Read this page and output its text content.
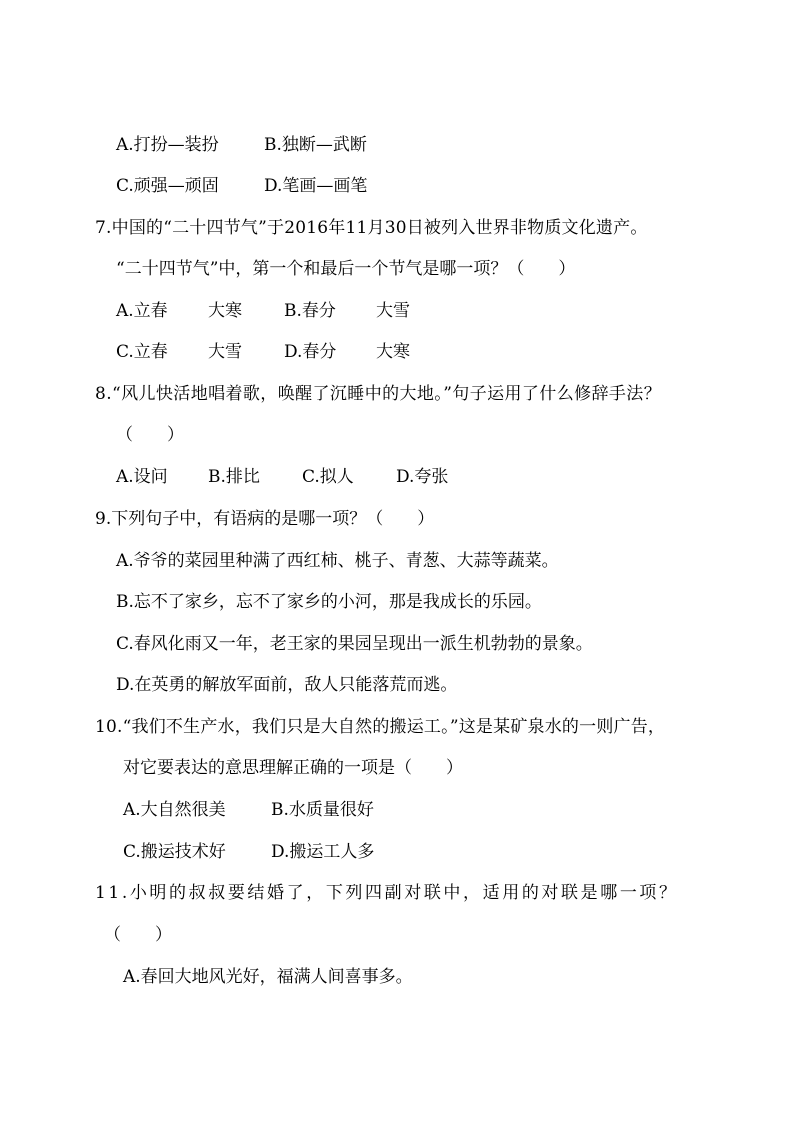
A.打扮—装扮	B.独断—武断
C.顽强—顽固	D.笔画—画笔
7.中国的“二十四节气”于2016年11月30日被列入世界非物质文化遗产。
“二十四节气”中，第一个和最后一个节气是哪一项？（　　）
A.立春 大寒 B.春分 大雪
C.立春 大雪 D.春分 大寒
8.“风儿快活地唱着歌，唤醒了沉睡中的大地。”句子运用了什么修辞手法？
（　　）
A.设问 B.排比 C.拟人 D.夸张
9.下列句子中，有语病的是哪一项？（　　）
A.爷爷的菜园里种满了西红柿、桃子、青葱、大蒜等蔬菜。
B.忘不了家乡，忘不了家乡的小河，那是我成长的乐园。
C.春风化雨又一年，老王家的果园呈现出一派生机勃勃的景象。
D.在英勇的解放军面前，敌人只能落荒而逃。
10.“我们不生产水，我们只是大自然的搬运工。”这是某矿泉水的一则广告，
对它要表达的意思理解正确的一项是（　　）
A.大自然很美	B.水质量很好
C.搬运技术好	D.搬运工人多
11.小明的叔叔要结婚了，下列四副对联中，适用的对联是哪一项？
（　　）
A.春回大地风光好，福满人间喜事多。
